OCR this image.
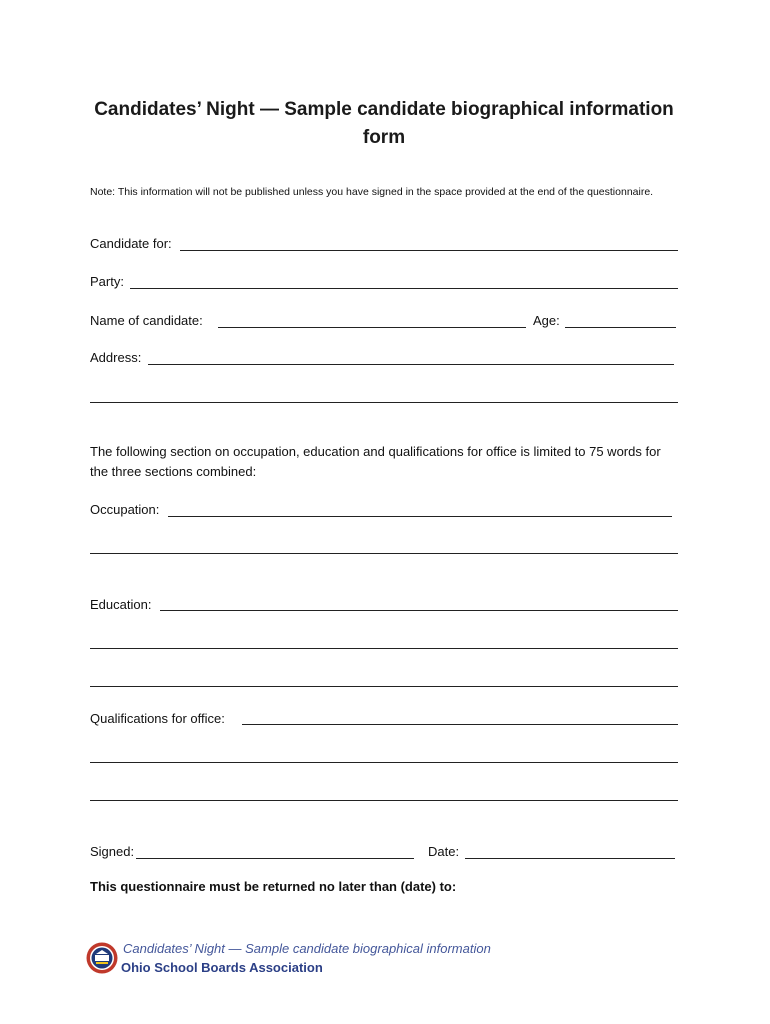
Candidates’ Night — Sample candidate biographical information form
Note: This information will not be published unless you have signed in the space provided at the end of the questionnaire.
Candidate for:
Party:
Name of candidate:	Age:
Address:
The following section on occupation, education and qualifications for office is limited to 75 words for the three sections combined:
Occupation:
Education:
Qualifications for office:
Signed:	Date:
This questionnaire must be returned no later than (date) to:
Candidates’ Night — Sample candidate biographical information
Ohio School Boards Association
